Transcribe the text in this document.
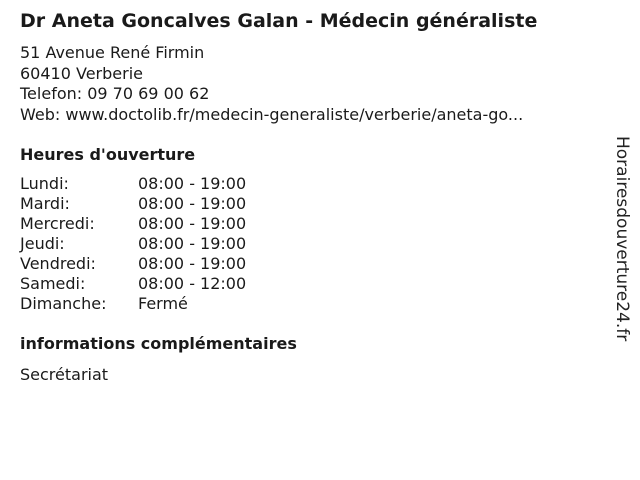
Dr Aneta Goncalves Galan - Médecin généraliste
51 Avenue René Firmin
60410 Verberie
Telefon: 09 70 69 00 62
Web: www.doctolib.fr/medecin-generaliste/verberie/aneta-go...
Heures d'ouverture
Lundi:	08:00 - 19:00
Mardi:	08:00 - 19:00
Mercredi:	08:00 - 19:00
Jeudi:	08:00 - 19:00
Vendredi:	08:00 - 19:00
Samedi:	08:00 - 12:00
Dimanche:	Fermé
informations complémentaires
Secrétariat
Horairesdouverture24.fr
